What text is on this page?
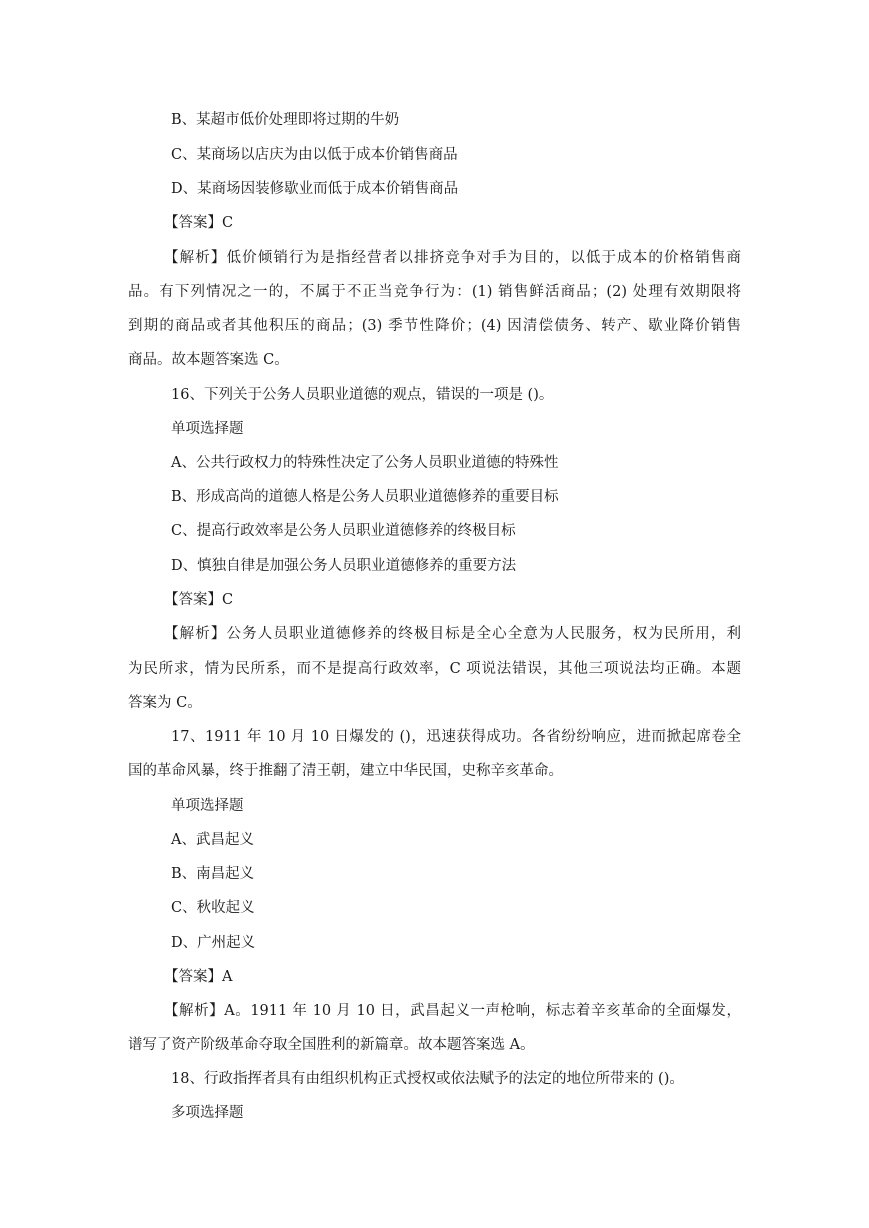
B、某超市低价处理即将过期的牛奶

C、某商场以店庆为由以低于成本价销售商品

D、某商场因装修歇业而低于成本价销售商品

【答案】C

【解析】低价倾销行为是指经营者以排挤竞争对手为目的，以低于成本的价格销售商

品。有下列情况之一的，不属于不正当竞争行为：(1) 销售鲜活商品；(2) 处理有效期限将

到期的商品或者其他积压的商品；(3) 季节性降价；(4) 因清偿债务、转产、歇业降价销售

商品。故本题答案选 C。

16、下列关于公务人员职业道德的观点，错误的一项是 ()。

单项选择题

A、公共行政权力的特殊性决定了公务人员职业道德的特殊性

B、形成高尚的道德人格是公务人员职业道德修养的重要目标

C、提高行政效率是公务人员职业道德修养的终极目标

D、慎独自律是加强公务人员职业道德修养的重要方法

【答案】C

【解析】公务人员职业道德修养的终极目标是全心全意为人民服务，权为民所用，利

为民所求，情为民所系，而不是提高行政效率，C 项说法错误，其他三项说法均正确。本题

答案为 C。

17、1911 年 10 月 10 日爆发的 ()，迅速获得成功。各省纷纷响应，进而掀起席卷全

国的革命风暴，终于推翻了清王朝，建立中华民国，史称辛亥革命。

单项选择题

A、武昌起义

B、南昌起义

C、秋收起义

D、广州起义

【答案】A

【解析】A。1911 年 10 月 10 日，武昌起义一声枪响，标志着辛亥革命的全面爆发，

谱写了资产阶级革命夺取全国胜利的新篇章。故本题答案选 A。

18、行政指挥者具有由组织机构正式授权或依法赋予的法定的地位所带来的 ()。

多项选择题
